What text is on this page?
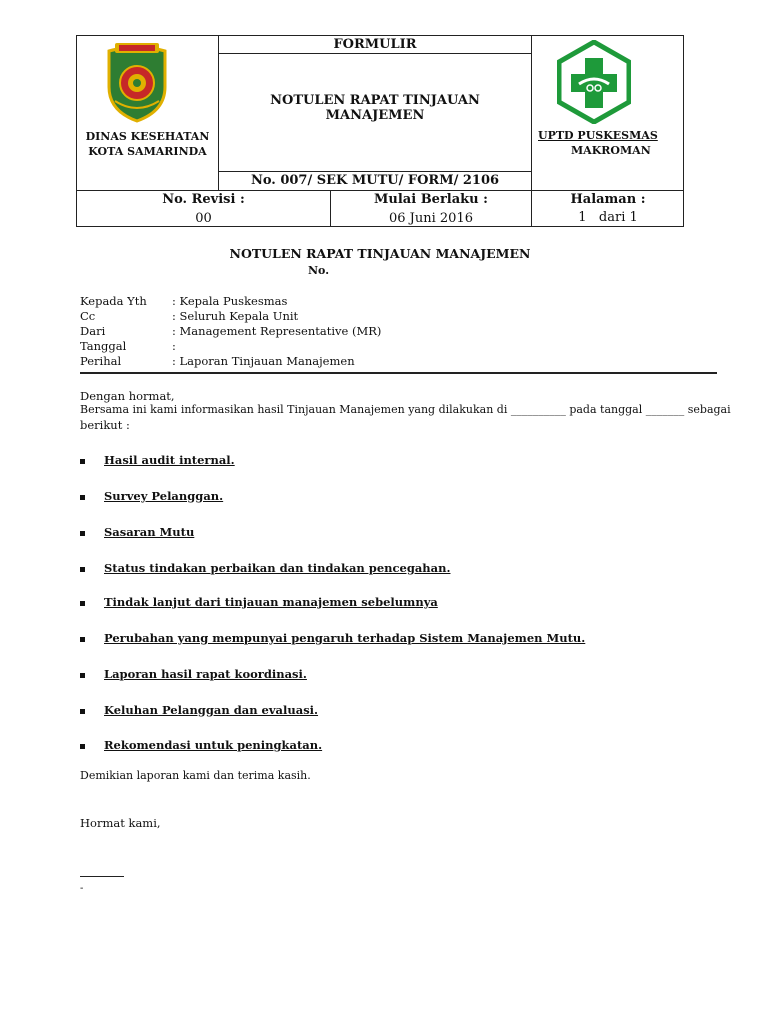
DINAS KESEHATAN
KOTA SAMARINDA
FORMULIR
NOTULEN RAPAT TINJAUAN MANAJEMEN
No. 007/ SEK MUTU/ FORM/ 2106
UPTD PUSKESMAS
MAKROMAN
No. Revisi :
00
Mulai Berlaku :
06 Juni 2016
Halaman :
1   dari 1
NOTULEN RAPAT TINJAUAN MANAJEMEN
No.
Kepada Yth : Kepala Puskesmas
Cc	: Seluruh Kepala Unit
Dari	: Management Representative (MR)
Tanggal	:
Perihal	: Laporan Tinjauan Manajemen
Dengan hormat,
Bersama ini kami informasikan hasil Tinjauan Manajemen yang dilakukan di __________ pada tanggal _______ sebagai
berikut :
Hasil audit internal.
Survey Pelanggan.
Sasaran Mutu
Status tindakan perbaikan dan tindakan pencegahan.
Tindak lanjut dari tinjauan manajemen sebelumnya
Perubahan yang mempunyai pengaruh terhadap Sistem Manajemen Mutu.
Laporan hasil rapat koordinasi.
Keluhan Pelanggan dan evaluasi.
Rekomendasi untuk peningkatan.
Demikian laporan kami dan terima kasih.
Hormat kami,
-
